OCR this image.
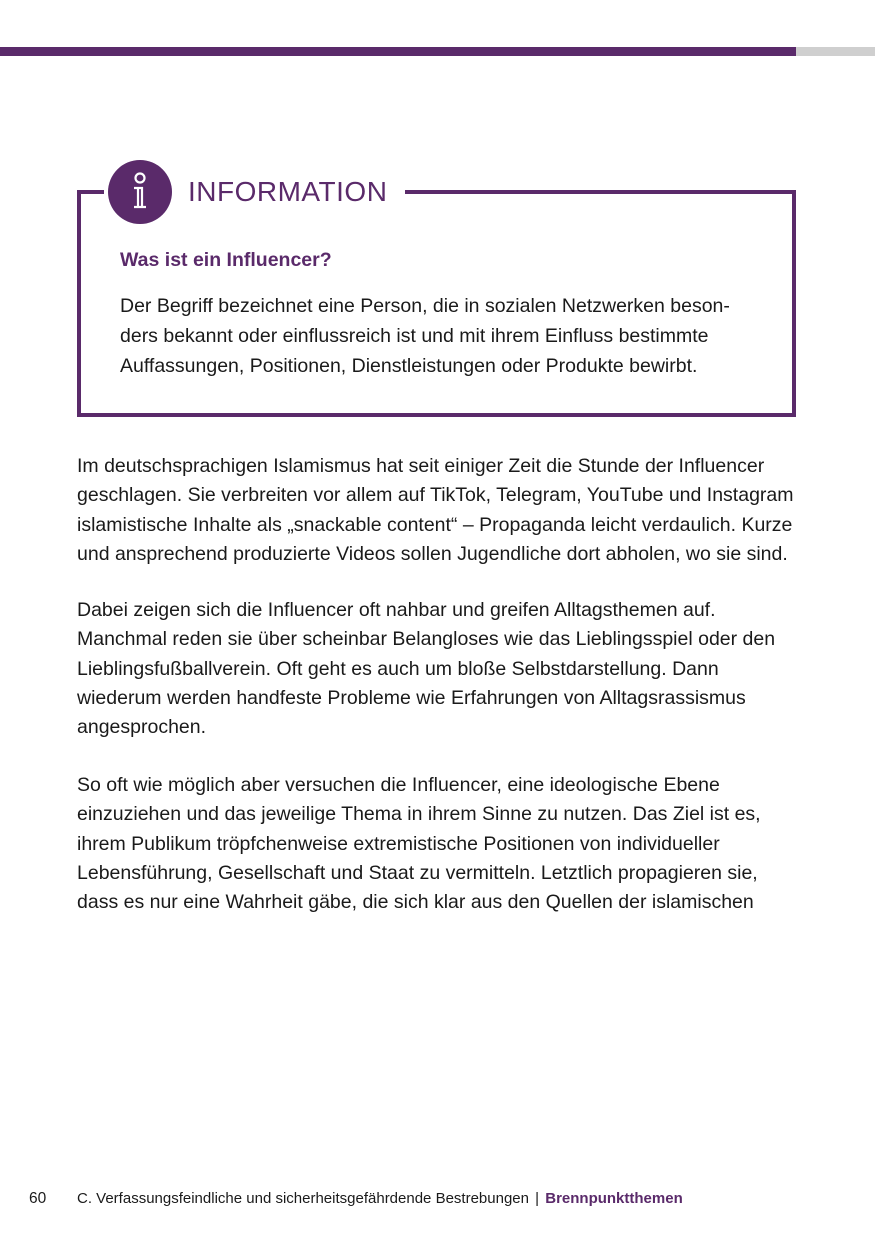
INFORMATION
Was ist ein Influencer?
Der Begriff bezeichnet eine Person, die in sozialen Netzwerken beson-
ders bekannt oder einflussreich ist und mit ihrem Einfluss bestimmte
Auffassungen, Positionen, Dienstleistungen oder Produkte bewirbt.
Im deutschsprachigen Islamismus hat seit einiger Zeit die Stunde der Influencer
geschlagen. Sie verbreiten vor allem auf TikTok, Telegram, YouTube und Instagram
islamistische Inhalte als „snackable content“ – Propaganda leicht verdaulich. Kurze
und ansprechend produzierte Videos sollen Jugendliche dort abholen, wo sie sind.
Dabei zeigen sich die Influencer oft nahbar und greifen Alltagsthemen auf.
Manchmal reden sie über scheinbar Belangloses wie das Lieblingsspiel oder den
Lieblingsfußballverein. Oft geht es auch um bloße Selbstdarstellung. Dann
wiederum werden handfeste Probleme wie Erfahrungen von Alltagsrassismus
angesprochen.
So oft wie möglich aber versuchen die Influencer, eine ideologische Ebene
einzuziehen und das jeweilige Thema in ihrem Sinne zu nutzen. Das Ziel ist es,
ihrem Publikum tröpfchenweise extremistische Positionen von individueller
Lebensführung, Gesellschaft und Staat zu vermitteln. Letztlich propagieren sie,
dass es nur eine Wahrheit gäbe, die sich klar aus den Quellen der islamischen
60 C. Verfassungsfeindliche und sicherheitsgefährdende Bestrebungen | Brennpunktthemen
